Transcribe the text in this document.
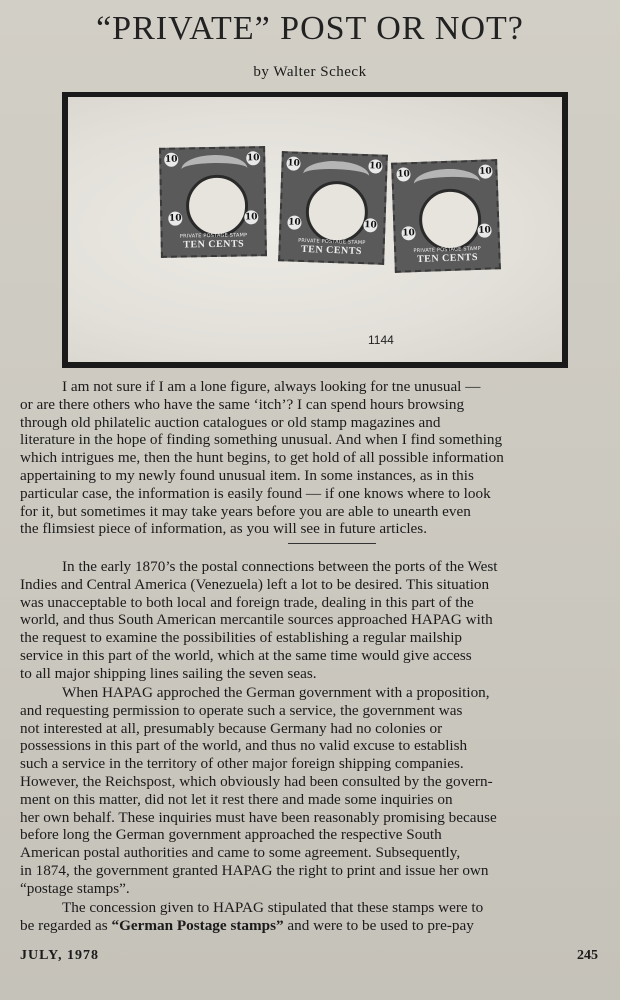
“PRIVATE” POST OR NOT?
by Walter Scheck
10	10
10	10
PRIVATE POSTAGE STAMP
TEN CENTS
10	10
10	10
PRIVATE POSTAGE STAMP
TEN CENTS
10	10
10	10
PRIVATE POSTAGE STAMP
TEN CENTS
1144
I am not sure if I am a lone figure, always looking for tne unusual —
or are there others who have the same ‘itch’? I can spend hours browsing
through old philatelic auction catalogues or old stamp magazines and
literature in the hope of finding something unusual. And when I find something
which intrigues me, then the hunt begins, to get hold of all possible information
appertaining to my newly found unusual item. In some instances, as in this
particular case, the information is easily found — if one knows where to look
for it, but sometimes it may take years before you are able to unearth even
the flimsiest piece of information, as you will see in future articles.
In the early 1870’s the postal connections between the ports of the West
Indies and Central America (Venezuela) left a lot to be desired. This situation
was unacceptable to both local and foreign trade, dealing in this part of the
world, and thus South American mercantile sources approached HAPAG with
the request to examine the possibilities of establishing a regular mailship
service in this part of the world, which at the same time would give access
to all major shipping lines sailing the seven seas.
When HAPAG approched the German government with a proposition,
and requesting permission to operate such a service, the government was
not interested at all, presumably because Germany had no colonies or
possessions in this part of the world, and thus no valid excuse to establish
such a service in the territory of other major foreign shipping companies.
However, the Reichspost, which obviously had been consulted by the govern-
ment on this matter, did not let it rest there and made some inquiries on
her own behalf. These inquiries must have been reasonably promising because
before long the German government approached the respective South
American postal authorities and came to some agreement. Subsequently,
in 1874, the government granted HAPAG the right to print and issue her own
“postage stamps”.
The concession given to HAPAG stipulated that these stamps were to
be regarded as “German Postage stamps” and were to be used to pre-pay
JULY, 1978	245
